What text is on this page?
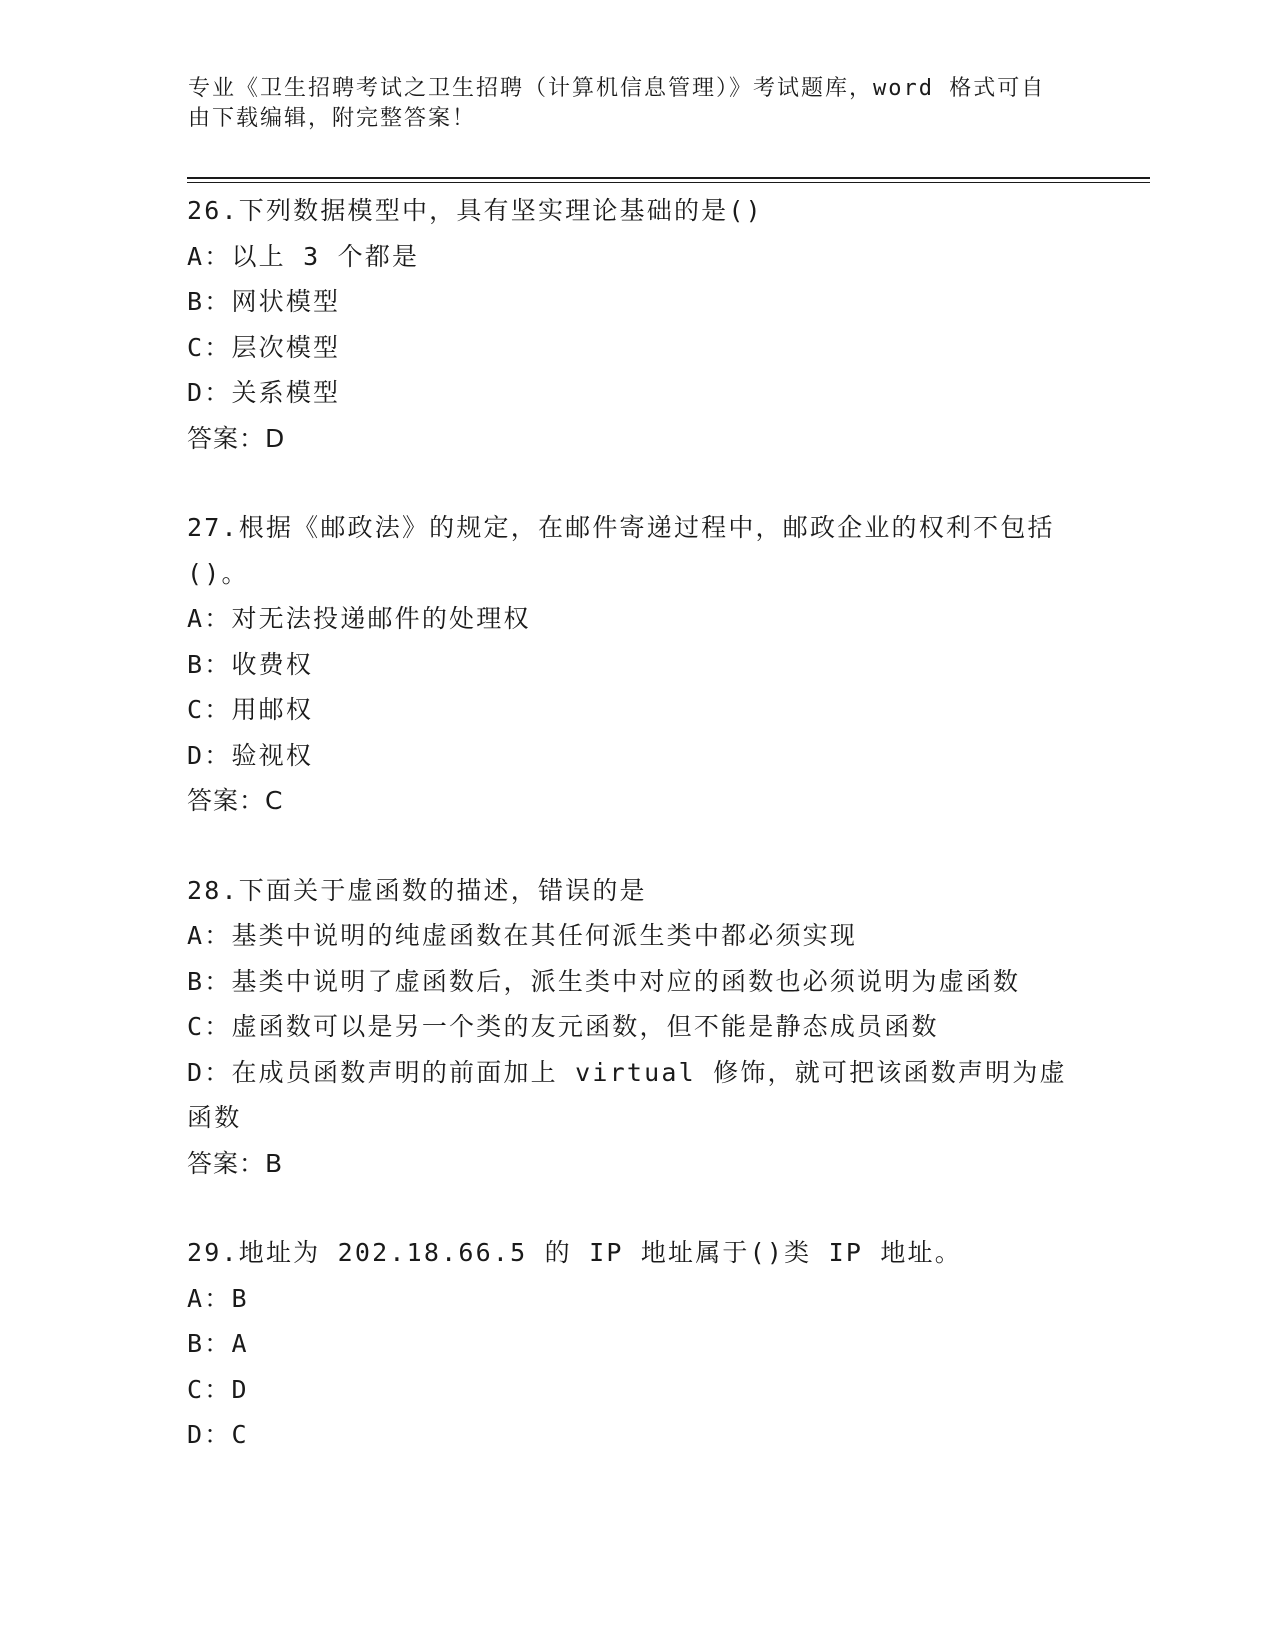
专业《卫生招聘考试之卫生招聘（计算机信息管理）》考试题库，word 格式可自由下载编辑，附完整答案！
26.下列数据模型中，具有坚实理论基础的是()
A：以上 3 个都是
B：网状模型
C：层次模型
D：关系模型
答案：D
27.根据《邮政法》的规定，在邮件寄递过程中，邮政企业的权利不包括()。
A：对无法投递邮件的处理权
B：收费权
C：用邮权
D：验视权
答案：C
28.下面关于虚函数的描述，错误的是
A：基类中说明的纯虚函数在其任何派生类中都必须实现
B：基类中说明了虚函数后，派生类中对应的函数也必须说明为虚函数
C：虚函数可以是另一个类的友元函数，但不能是静态成员函数
D：在成员函数声明的前面加上 virtual 修饰，就可把该函数声明为虚函数
答案：B
29.地址为 202.18.66.5 的 IP 地址属于()类 IP 地址。
A：B
B：A
C：D
D：C
